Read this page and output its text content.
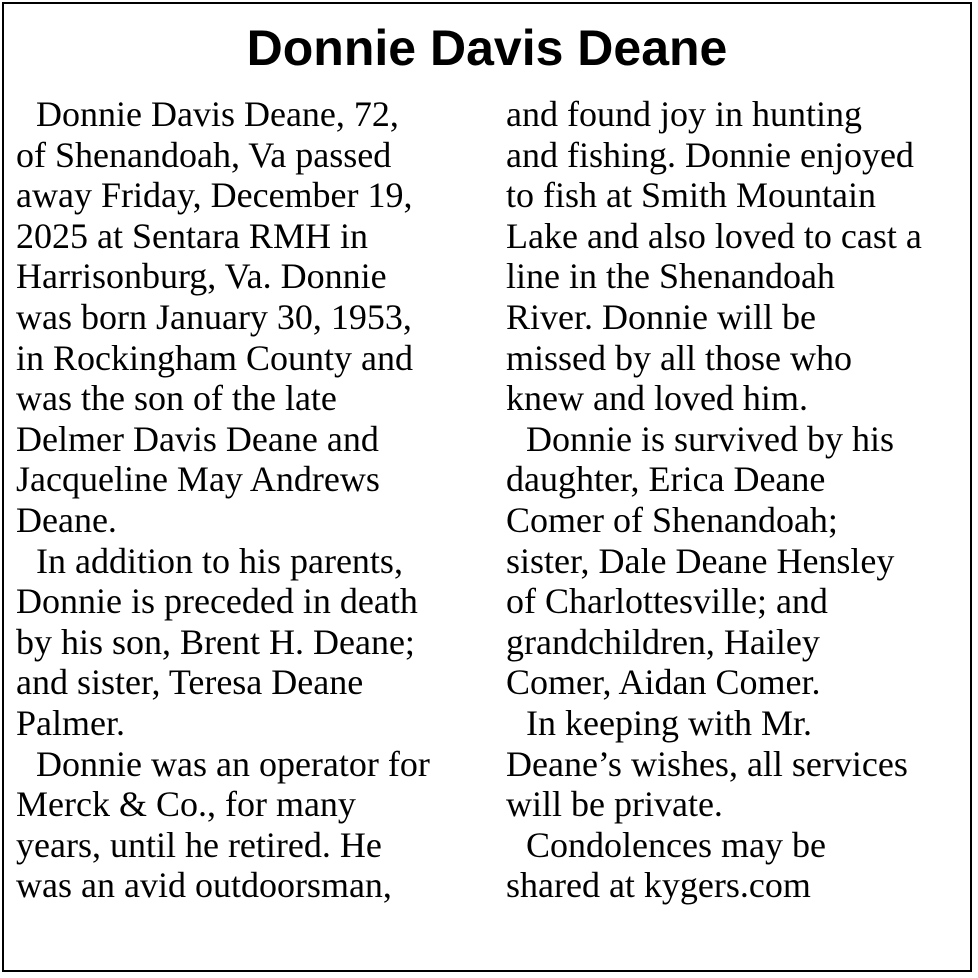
Donnie Davis Deane
Donnie Davis Deane, 72,
of Shenandoah, Va passed
away Friday, December 19,
2025 at Sentara RMH in
Harrisonburg, Va. Donnie
was born January 30, 1953,
in Rockingham County and
was the son of the late
Delmer Davis Deane and
Jacqueline May Andrews
Deane.
In addition to his parents,
Donnie is preceded in death
by his son, Brent H. Deane;
and sister, Teresa Deane
Palmer.
Donnie was an operator for
Merck & Co., for many
years, until he retired. He
was an avid outdoorsman,
and found joy in hunting
and fishing. Donnie enjoyed
to fish at Smith Mountain
Lake and also loved to cast a
line in the Shenandoah
River. Donnie will be
missed by all those who
knew and loved him.
Donnie is survived by his
daughter, Erica Deane
Comer of Shenandoah;
sister, Dale Deane Hensley
of Charlottesville; and
grandchildren, Hailey
Comer, Aidan Comer.
In keeping with Mr.
Deane’s wishes, all services
will be private.
Condolences may be
shared at kygers.com
